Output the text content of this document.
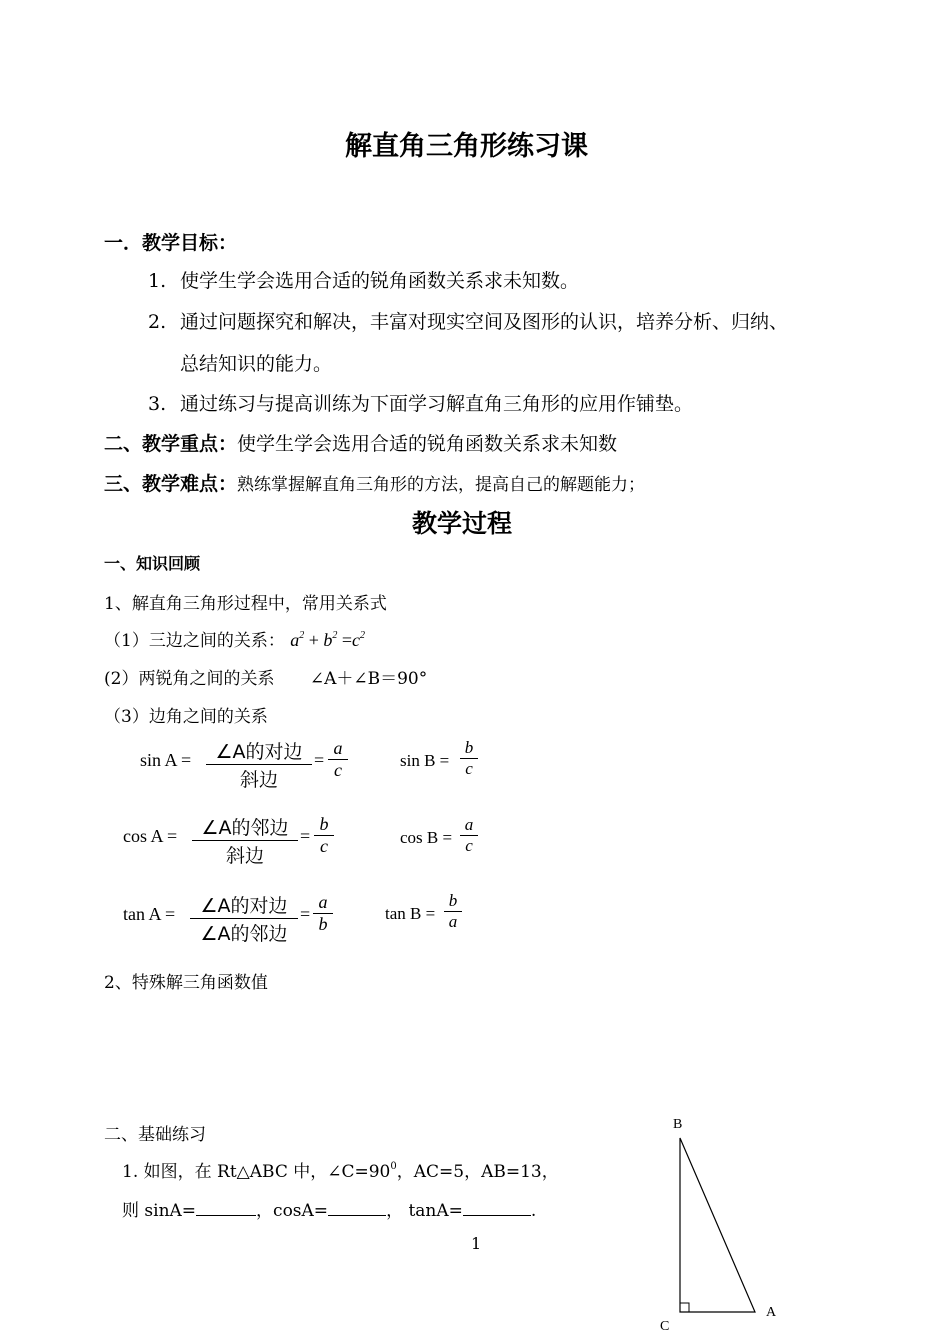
解直角三角形练习课
一．教学目标：
1. 使学生学会选用合适的锐角函数关系求未知数。
2. 通过问题探究和解决，丰富对现实空间及图形的认识，培养分析、归纳、
总结知识的能力。
3. 通过练习与提高训练为下面学习解直角三角形的应用作铺垫。
二、教学重点：使学生学会选用合适的锐角函数关系求未知数
三、教学难点：熟练掌握解直角三角形的方法，提高自己的解题能力；
教学过程
一、知识回顾
1、解直角三角形过程中，常用关系式
（1）三边之间的关系： $a^2 + b^2 =c^2$
(2）两锐角之间的关系 ∠A＋∠B＝90°
（3）边角之间的关系
sin A =	∠A的对边
斜边
= $\frac{a}{c}$	$\sin B = \frac{b}{c}$
cos A =	∠A的邻边
斜边
= $\frac{b}{c}$	$\cos B = \frac{a}{c}$
tan A =	∠A的对边
∠A的邻边
= $\frac{a}{b}$	$\tan B = \frac{b}{a}$
2、特殊解三角函数值
二、基础练习
1. 如图，在 Rt△ABC 中，$\angle C=90^0$，AC=5，AB=13，
则 sinA=	，cosA=	， tanA=	.
1
B
C
A
